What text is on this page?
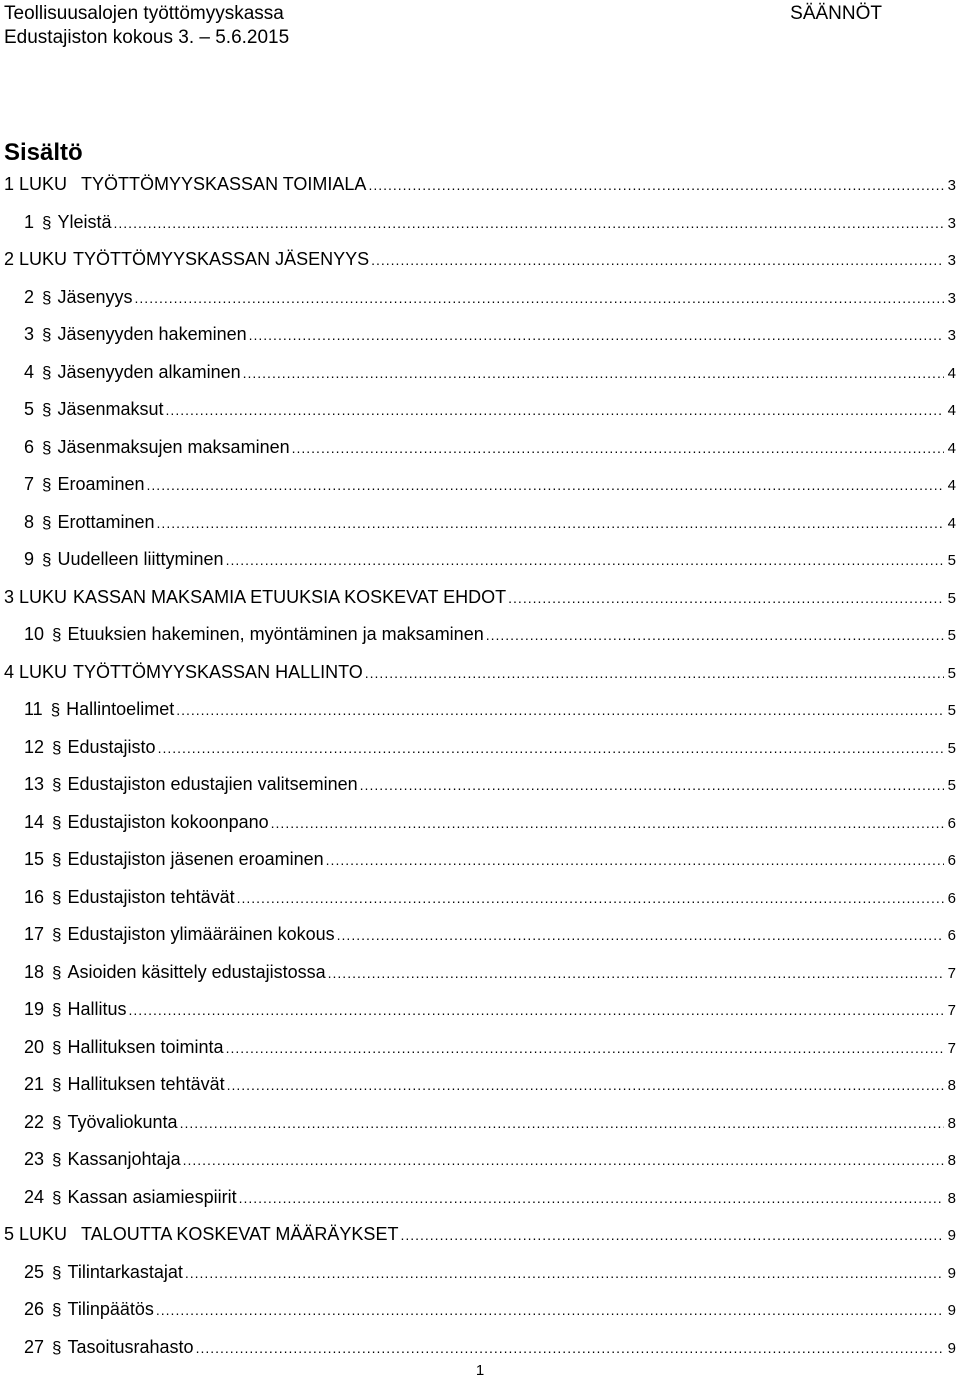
Teollisuusalojen työttömyyskassa	SÄÄNNÖT
Edustajiston kokous 3. – 5.6.2015
Sisältö
1 LUKU TYÖTTÖMYYSKASSAN TOIMIALA .....	3
1 § Yleistä .....	3
2 LUKU TYÖTTÖMYYSKASSAN JÄSENYYS .....	3
2 § Jäsenyys .....	3
3 § Jäsenyyden hakeminen .....	3
4 § Jäsenyyden alkaminen .....	4
5 § Jäsenmaksut .....	4
6 § Jäsenmaksujen maksaminen .....	4
7 § Eroaminen .....	4
8 § Erottaminen .....	4
9 § Uudelleen liittyminen .....	5
3 LUKU KASSAN MAKSAMIA ETUUKSIA KOSKEVAT EHDOT .....	5
10 § Etuuksien hakeminen, myöntäminen ja maksaminen .....	5
4 LUKU TYÖTTÖMYYSKASSAN HALLINTO .....	5
11 § Hallintoelimet .....	5
12 § Edustajisto .....	5
13 § Edustajiston edustajien valitseminen .....	5
14 § Edustajiston kokoonpano .....	6
15 § Edustajiston jäsenen eroaminen .....	6
16 § Edustajiston tehtävät .....	6
17 § Edustajiston ylimääräinen kokous .....	6
18 § Asioiden käsittely edustajistossa .....	7
19 § Hallitus .....	7
20 § Hallituksen toiminta .....	7
21 § Hallituksen tehtävät .....	8
22 § Työvaliokunta .....	8
23 § Kassanjohtaja .....	8
24 § Kassan asiamiespiirit .....	8
5 LUKU TALOUTTA KOSKEVAT MÄÄRÄYKSET .....	9
25 § Tilintarkastajat .....	9
26 § Tilinpäätös .....	9
27 § Tasoitusrahasto .....	9
1
